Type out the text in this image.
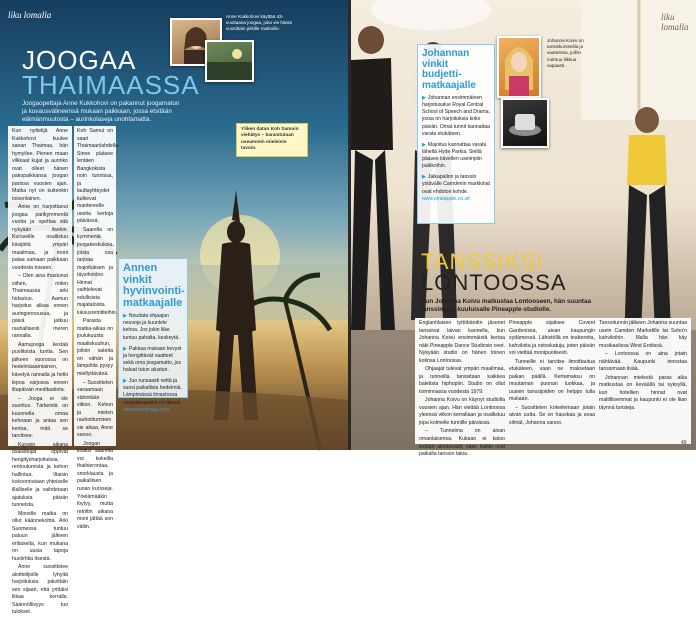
liku lomalla
JOOGAA
THAIMAASSA
Joogaopettaja Anne Kukkohovi on pakannut joogamaton ja kuvausvälineensä mukaan paikkaan, jossa etsitään elämänmuutosta – aurinkolaseja unohtamatta.
Anne Kukkohovi käyttää 43-vuotiaana joogaa, joka vie häntä vuosittain pitkille matkoille.
Yliken datan Koh Samuin viehätys – karaistutaan useammin mieleisin tavoin.

Kun nyttelijä Anne Kukkohovi kuulee sanan Thaimaa, hän hymyilee. Pienen maan vilkkaat kujat ja aurinko ovat olleet hänen pakopaikkansa joogan parissa vuosien ajan. Matka nyt on kuitenkin toisenlainen.

Anne on harjoittanut joogaa parikymmentä vuotta ja opettaa sitä nykyään itsekin. Kursseille osallistuu kävijöitä ympäri maailmaa, ja moni palaa samaan paikkaan vuodesta toiseen.

– Olen aina ihastunut siihen, miten Thaimaassa arki hidastuu. Aamun harjoitus alkaa ennen auringonnousua, ja päivä jatkuu rauhallisesti meren rannalla.

Aamujooga kestää puolitoista tuntia. Sen jälkeen vuorossa on hedelmäaamiainen, kävelyä rannalla ja hetki lepoa varjossa ennen iltapäivän meditaatiota.

– Jooga ei ole suoritus. Tärkeintä on kuunnella omaa kehoaan ja antaa sen kertoa, mitä se tarvitsee.

Kurssin aikana osallistujat oppivat hengitysharjoituksia, rentoutumista ja kehon hallintaa. Iltaisin kokoonnutaan yhteiselle illalliselle ja vaihdetaan ajatuksia päivän tunneista.

Monelle matka on ollut käännekohta. Arki Suomessa tuntuu paluun jälkeen erilaiselta, kun mukana on uusia tapoja huolehtia itsestä.

Anne suosittelee aloittelijoille lyhyitä harjoituksia päivittäin sen sijaan, että yrittäisi liikaa kerralla. Säännöllisyys tuo tulokset.

Koh Samui on saari Thaimaanlahdella. Sinne pääsee lentäen Bangkokista noin tunnissa, ja lauttayhteydet kulkevat mantereelle useita kertoja päivässä.

Saarella on kymmeniä joogakeskuksia, joista osa tarjoaa majoituksen ja täysihoidon. Hinnat vaihtelevat edullisista majataloista luksusretriitteihin.

Parasta matka-aikaa on joulukuusta maaliskuuhun, jolloin sateita on vähän ja lämpötila pysyy miellyttävänä.

– Suosittelen varaamaan vähintään viikon. Kehon ja mielen rauhoittuminen vie aikaa, Anne sanoo.

Joogan lisäksi saarella voi kokeilla thaihierontaa, snorklausta ja paikallisen ruoan kursseja. Yöelämääkin löytyy, mutta retriitin aikana moni jättää sen väliin.

Annen vinkit
hyvinvointi-
matkaajalle
▶ Noudata ohjaajan neuvoja ja kuuntele kehoa. Jos jokin liike tuntuu pahalta, keskeytä.
▶ Pakkaa mukaan kevyet ja hengittävät vaatteet sekä oma joogamatto, jos haluat tutun alustan.
▶ Juo runsaasti vettä ja suosi paikallisia hedelmiä. Lämpimässä ilmastossa nestetasapaino on tärkeä. www.koshiyoga.com
48
liku lomalla
Johannan
vinkit
budjetti-
matkaajalle
▶ Johannan ensimmäinen harjoitusalue Royal Central School of Speech and Drama, jossa on harjoituksia koko päivän. Omat tunnit kannattaa varata etukäteen.
▶ Majoitus kannattaa varata läheltä Hyde Parkia. Sieltä pääsee kävellen useimpiin paikkoihin.
▶ Jalkapallon ja tanssin ystävälle Camdenin markkinat ovat ehdoton kohde. www.pineapple.co.uk
Johanna Koivu on tanssikursseilla ja vaatteissa, joihin mahtuu liikkua vapaasti.
TANSSIKSI
LONTOOSSA
Kun Johanna Koivu matkustaa Lontooseen, hän suuntaa tanssimaan kuuluisalle Pineapple-studiolle.

Englantilaisen tyttöbändin jäsenet tanssivat laivan kannella, kun Johanna Koivu ensimmäistä kertaa näki Pineapple Dance Studiosin ovet. Nykyään studio on hänen toinen kotinsa Lontoossa.

Ohjaajat tulevat ympäri maailmaa, ja tunneilla tanssitaan kaikkea baletista hiphopiin. Studio on ollut toiminnassa vuodesta 1979.

Johanna Koivu on käynyt studiolla vuosien ajan. Hän viettää Lontoossa yleensä viikon kerrallaan ja osallistuu jopa kolmelle tunnille päivässä.

– Tunnelma on aivan omanlaisensa. Kukaan ei katso ketään alentuvasti, vaan kaikki ovat paikalla tanssin takia.

Pineapple sijaitsee Covent Gardenissa, aivan kaupungin sydämessä. Lähistöllä on teattereita, kahviloita ja ostoskatuja, joten päivän voi viettää monipuolisesti.

Tunneille ei tarvitse ilmoittautua etukäteen, vaan ne maksetaan paikan päällä. Kertamaksu on muutaman punnan luokkaa, ja uusien tanssijoiden on helppo tulla mukaan.

– Suosittelen kokeilemaan jotain aivan uutta. Se on hauskaa ja avaa silmät, Johanna sanoo.

Tanssitunnin jälkeen Johanna suuntaa usein Camden Marketille tai Soho'n kahviloihin. Illalla hän käy musikaalissa West Endissä.

– Lontoossa on aina jotain nähtävää. Kaupunki innostaa tanssimaan lisää.

Johannan mielestä paras aika matkustaa on keväällä tai syksyllä, kun hotellien hinnat ovat maltillisemmat ja kaupunki ei ole liian täynnä turisteja.

49
